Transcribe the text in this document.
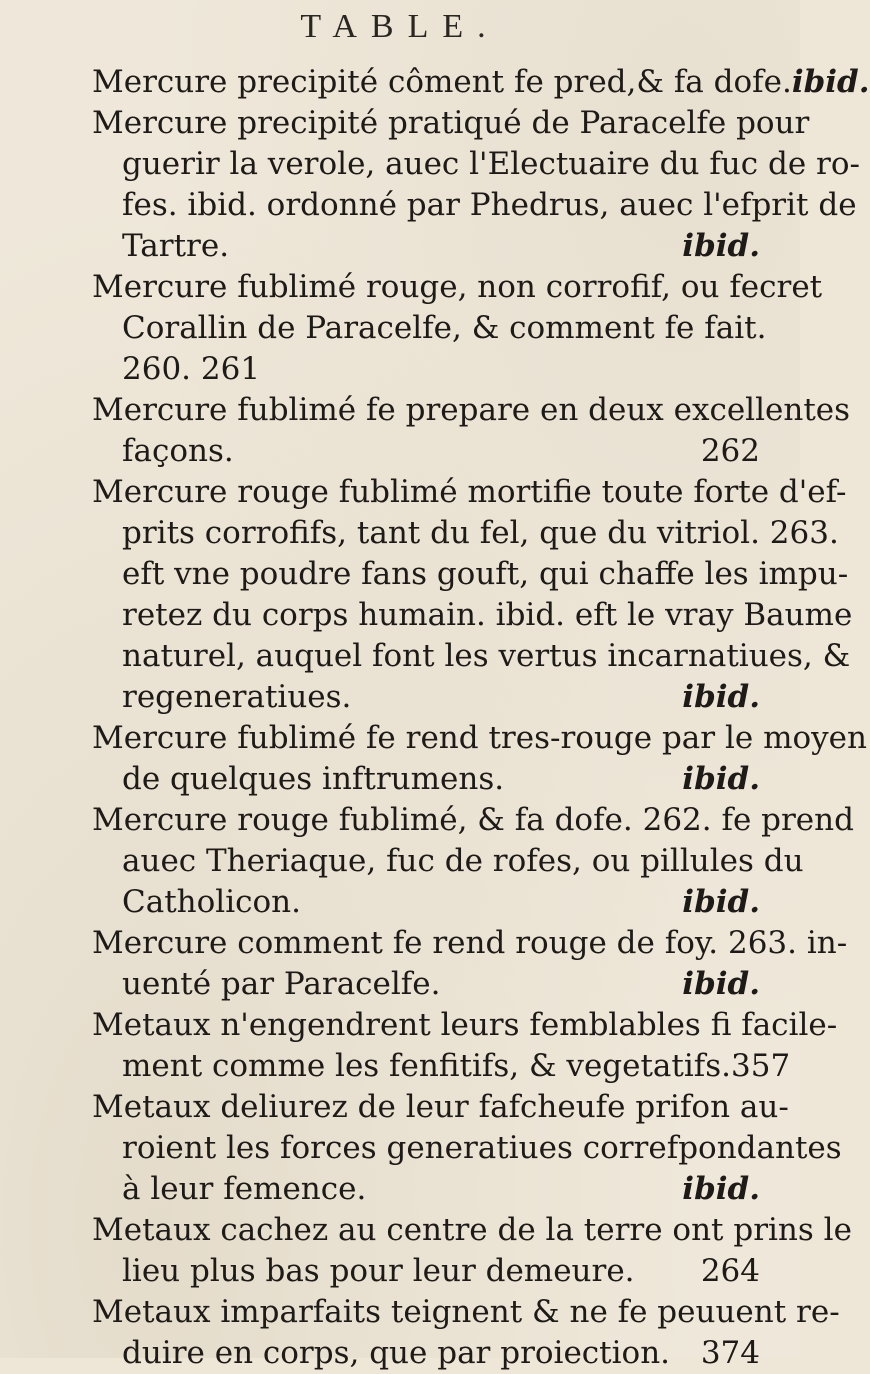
TABLE.
Mercure precipité côment fe pred,& fa dofe. ibid.
Mercure precipité pratiqué de Paracelfe pour
guerir la verole, auec l'Electuaire du fuc de ro-
fes. ibid. ordonné par Phedrus, auec l'efprit de
Tartre.	ibid.
Mercure fublimé rouge, non corrofif, ou fecret
Corallin de Paracelfe, & comment fe fait.
260. 261
Mercure fublimé fe prepare en deux excellentes
façons.	262
Mercure rouge fublimé mortifie toute forte d'ef-
prits corrofifs, tant du fel, que du vitriol. 263.
eft vne poudre fans gouft, qui chaffe les impu-
retez du corps humain. ibid. eft le vray Baume
naturel, auquel font les vertus incarnatiues, &
regeneratiues.	ibid.
Mercure fublimé fe rend tres-rouge par le moyen
de quelques inftrumens.	ibid.
Mercure rouge fublimé, & fa dofe. 262. fe prend
auec Theriaque, fuc de rofes, ou pillules du
Catholicon.	ibid.
Mercure comment fe rend rouge de foy. 263. in-
uenté par Paracelfe.	ibid.
Metaux n'engendrent leurs femblables fi facile-
ment comme les fenfitifs, & vegetatifs. 357
Metaux deliurez de leur fafcheufe prifon au-
roient les forces generatiues correfpondantes
à leur femence.	ibid.
Metaux cachez au centre de la terre ont prins le
lieu plus bas pour leur demeure. 264
Metaux imparfaits teignent & ne fe peuuent re-
duire en corps, que par proiection. 374
